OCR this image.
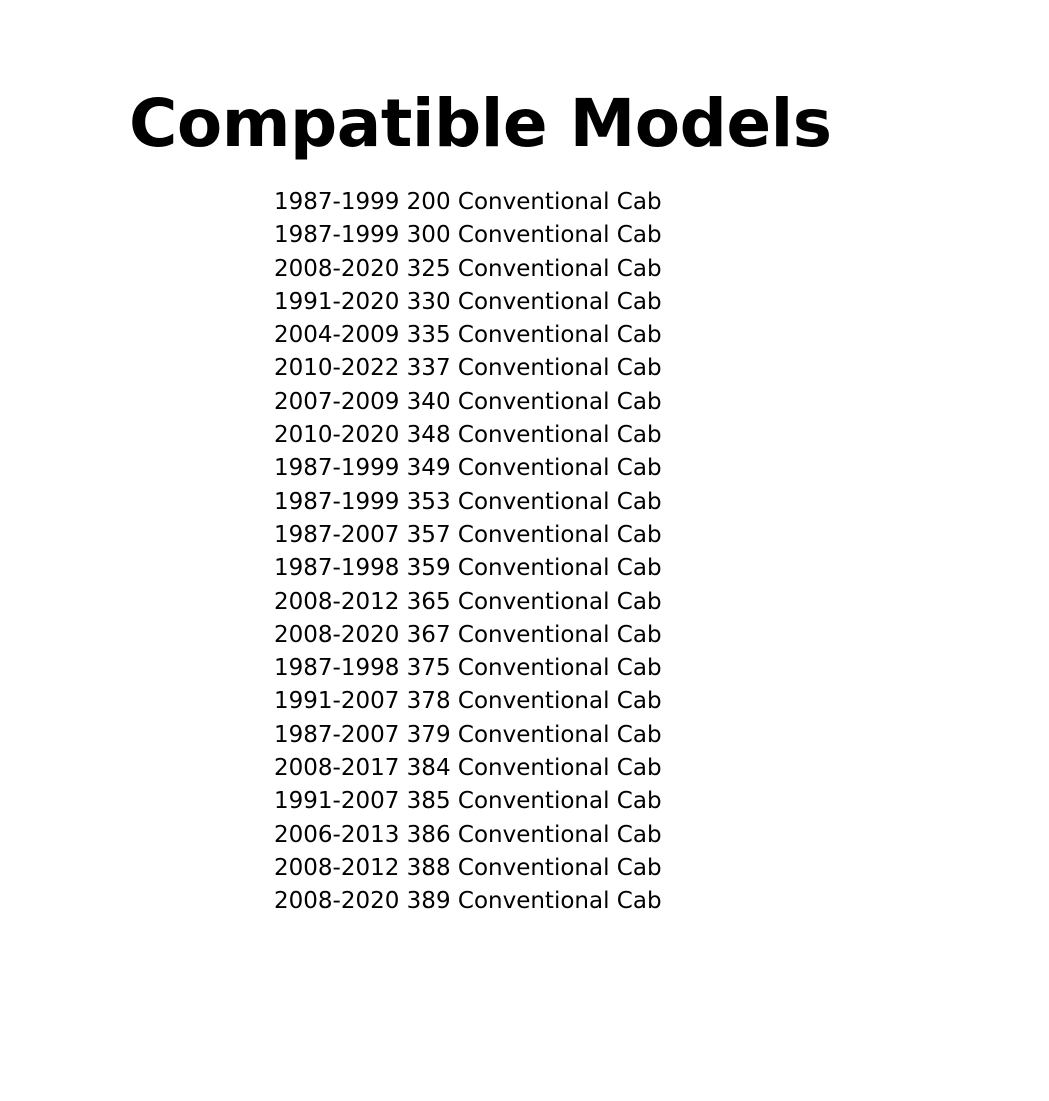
Compatible Models
1987-1999 200 Conventional Cab
1987-1999 300 Conventional Cab
2008-2020 325 Conventional Cab
1991-2020 330 Conventional Cab
2004-2009 335 Conventional Cab
2010-2022 337 Conventional Cab
2007-2009 340 Conventional Cab
2010-2020 348 Conventional Cab
1987-1999 349 Conventional Cab
1987-1999 353 Conventional Cab
1987-2007 357 Conventional Cab
1987-1998 359 Conventional Cab
2008-2012 365 Conventional Cab
2008-2020 367 Conventional Cab
1987-1998 375 Conventional Cab
1991-2007 378 Conventional Cab
1987-2007 379 Conventional Cab
2008-2017 384 Conventional Cab
1991-2007 385 Conventional Cab
2006-2013 386 Conventional Cab
2008-2012 388 Conventional Cab
2008-2020 389 Conventional Cab
